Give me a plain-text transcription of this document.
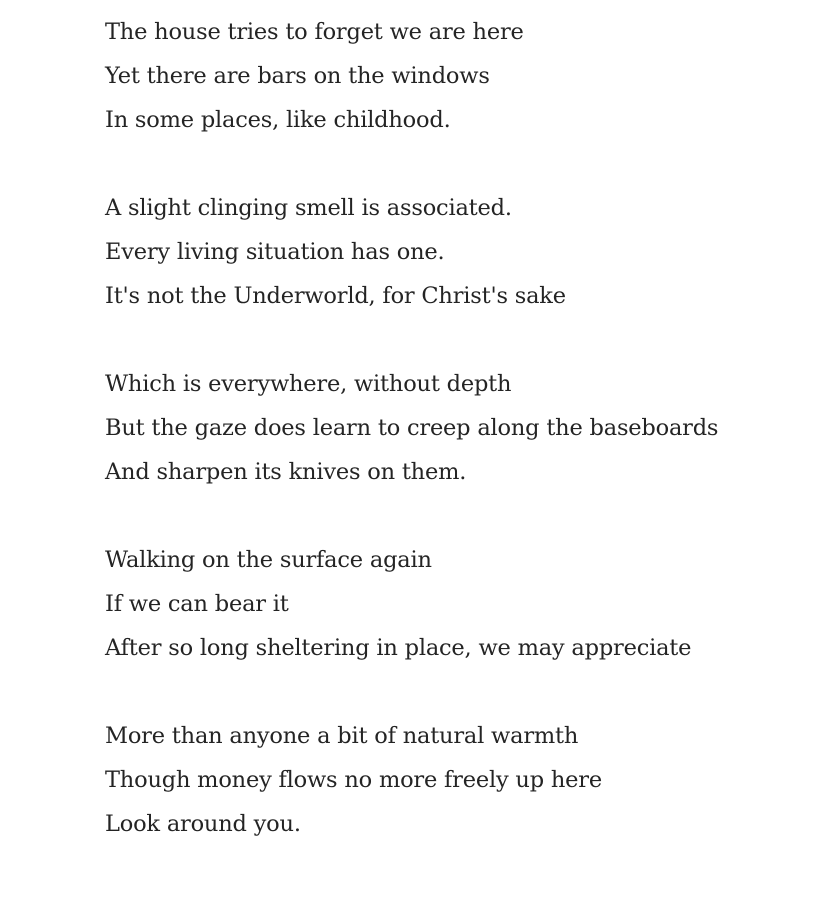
The house tries to forget we are here
Yet there are bars on the windows
In some places, like childhood.

A slight clinging smell is associated.
Every living situation has one.
It's not the Underworld, for Christ's sake

Which is everywhere, without depth
But the gaze does learn to creep along the baseboards
And sharpen its knives on them.

Walking on the surface again
If we can bear it
After so long sheltering in place, we may appreciate

More than anyone a bit of natural warmth
Though money flows no more freely up here
Look around you.
